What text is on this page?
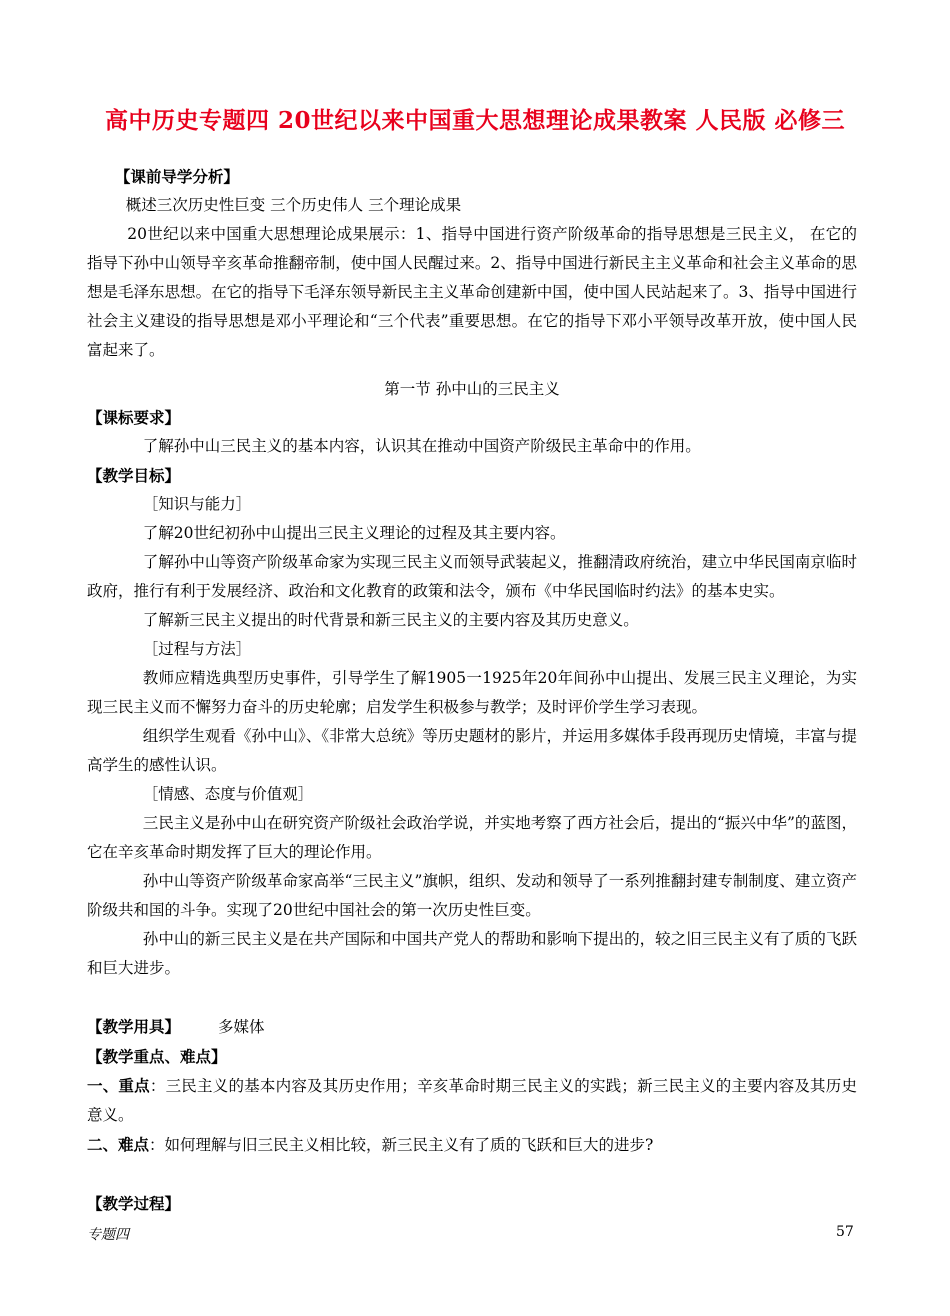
高中历史专题四 20世纪以来中国重大思想理论成果教案 人民版 必修三

【课前导学分析】

概述三次历史性巨变 三个历史伟人 三个理论成果

20世纪以来中国重大思想理论成果展示：1、指导中国进行资产阶级革命的指导思想是三民主义， 在它的指导下孙中山领导辛亥革命推翻帝制，使中国人民醒过来。2、指导中国进行新民主主义革命和社会主义革命的思想是毛泽东思想。在它的指导下毛泽东领导新民主主义革命创建新中国，使中国人民站起来了。3、指导中国进行社会主义建设的指导思想是邓小平理论和“三个代表”重要思想。在它的指导下邓小平领导改革开放，使中国人民富起来了。

第一节 孙中山的三民主义

【课标要求】

了解孙中山三民主义的基本内容，认识其在推动中国资产阶级民主革命中的作用。

【教学目标】

［知识与能力］

了解20世纪初孙中山提出三民主义理论的过程及其主要内容。

了解孙中山等资产阶级革命家为实现三民主义而领导武装起义，推翻清政府统治，建立中华民国南京临时政府，推行有利于发展经济、政治和文化教育的政策和法令，颁布《中华民国临时约法》的基本史实。

了解新三民主义提出的时代背景和新三民主义的主要内容及其历史意义。

［过程与方法］

教师应精选典型历史事件，引导学生了解1905一1925年20年间孙中山提出、发展三民主义理论，为实现三民主义而不懈努力奋斗的历史轮廓；启发学生积极参与教学；及时评价学生学习表现。

组织学生观看《孙中山》、《非常大总统》等历史题材的影片，并运用多媒体手段再现历史情境，丰富与提高学生的感性认识。

［情感、态度与价值观］

三民主义是孙中山在研究资产阶级社会政治学说，并实地考察了西方社会后，提出的“振兴中华”的蓝图，它在辛亥革命时期发挥了巨大的理论作用。

孙中山等资产阶级革命家高举“三民主义”旗帜，组织、发动和领导了一系列推翻封建专制制度、建立资产阶级共和国的斗争。实现了20世纪中国社会的第一次历史性巨变。

孙中山的新三民主义是在共产国际和中国共产党人的帮助和影响下提出的，较之旧三民主义有了质的飞跃和巨大进步。

【教学用具】 多媒体

【教学重点、难点】

一、重点：三民主义的基本内容及其历史作用；辛亥革命时期三民主义的实践；新三民主义的主要内容及其历史意义。

二、难点：如何理解与旧三民主义相比较，新三民主义有了质的飞跃和巨大的进步?

【教学过程】

专题四	57
